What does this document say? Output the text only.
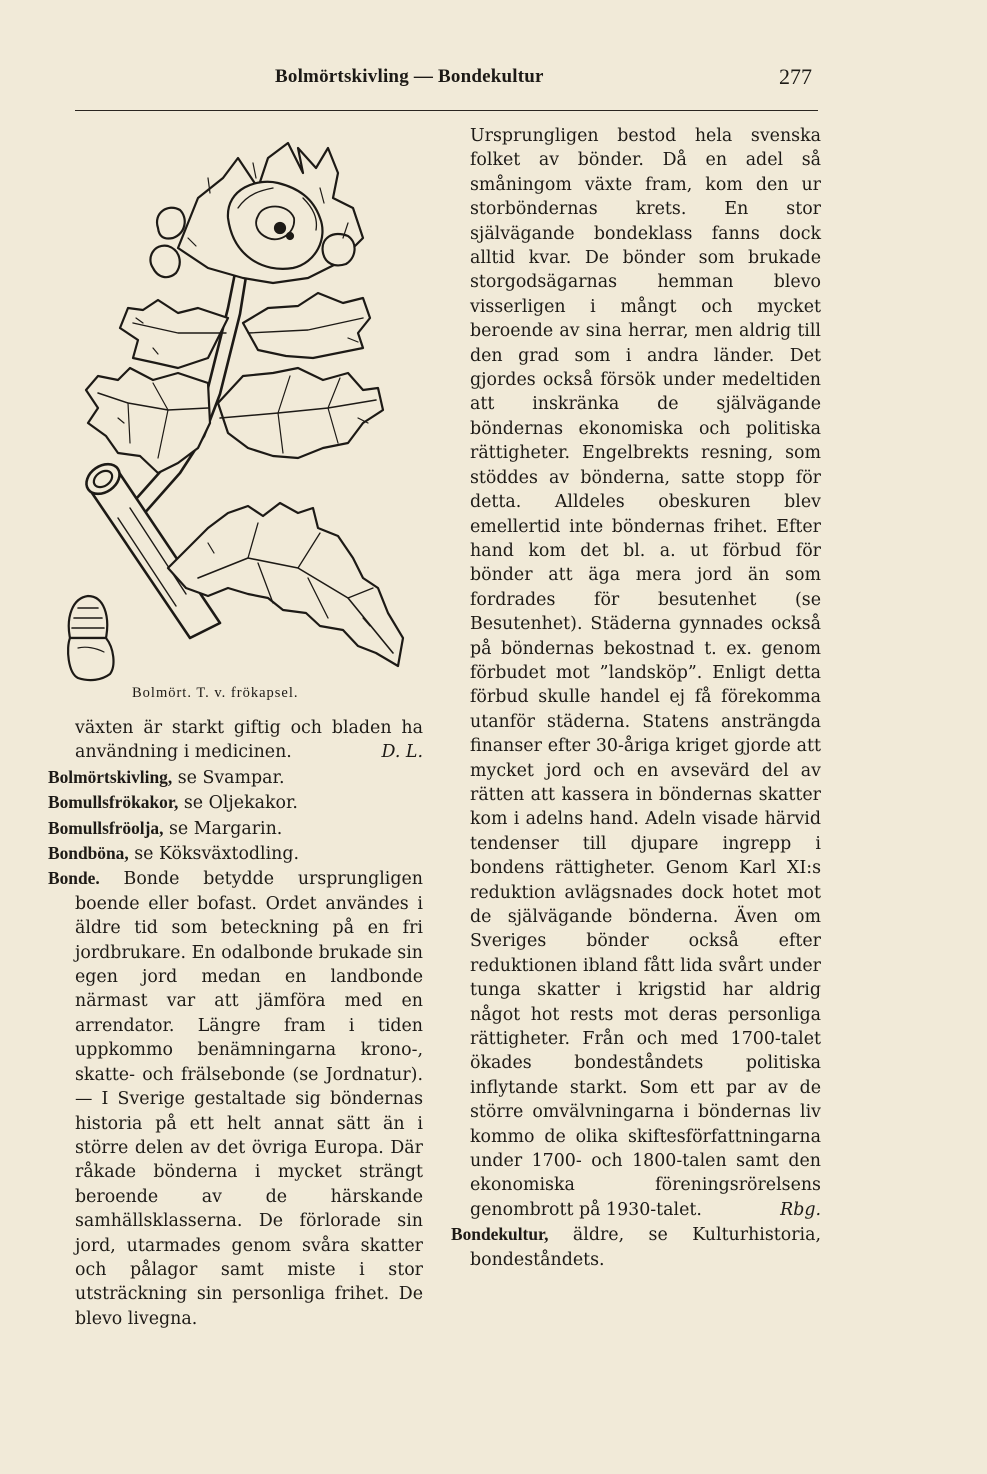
Bolmörtskivling — Bondekultur	277
Bolmört. T. v. frökapsel.

växten är starkt giftig och bladen ha användning i medicinen.	D. L.

Bolmörtskivling, se Svampar.

Bomullsfrökakor, se Oljekakor.

Bomullsfröolja, se Margarin.

Bondböna, se Köksväxtodling.

Bonde. Bonde betydde ursprungligen boende eller bofast. Ordet användes i äldre tid som beteckning på en fri jordbrukare. En odalbonde brukade sin egen jord medan en landbonde närmast var att jämföra med en arrendator. Längre fram i tiden uppkommo benämningarna krono-, skatte- och frälsebonde (se Jordnatur). — I Sverige gestaltade sig böndernas historia på ett helt annat sätt än i större delen av det övriga Europa. Där råkade bönderna i mycket strängt beroende av de härskande samhällsklasserna. De förlorade sin jord, utarmades genom svåra skatter och pålagor samt miste i stor utsträckning sin personliga frihet. De blevo livegna.

Ursprungligen bestod hela svenska folket av bönder. Då en adel så småningom växte fram, kom den ur storböndernas krets. En stor självägande bondeklass fanns dock alltid kvar. De bönder som brukade storgodsägarnas hemman blevo visserligen i mångt och mycket beroende av sina herrar, men aldrig till den grad som i andra länder. Det gjordes också försök under medeltiden att inskränka de självägande böndernas ekonomiska och politiska rättigheter. Engelbrekts resning, som stöddes av bönderna, satte stopp för detta. Alldeles obeskuren blev emellertid inte böndernas frihet. Efter hand kom det bl. a. ut förbud för bönder att äga mera jord än som fordrades för besutenhet (se Besutenhet). Städerna gynnades också på böndernas bekostnad t. ex. genom förbudet mot ”landsköp”. Enligt detta förbud skulle handel ej få förekomma utanför städerna. Statens ansträngda finanser efter 30-åriga kriget gjorde att mycket jord och en avsevärd del av rätten att kassera in böndernas skatter kom i adelns hand. Adeln visade härvid tendenser till djupare ingrepp i bondens rättigheter. Genom Karl XI:s reduktion avlägsnades dock hotet mot de självägande bönderna. Även om Sveriges bönder också efter reduktionen ibland fått lida svårt under tunga skatter i krigstid har aldrig något hot rests mot deras personliga rättigheter. Från och med 1700-talet ökades bondeståndets politiska inflytande starkt. Som ett par av de större omvälvningarna i böndernas liv kommo de olika skiftesförfattningarna under 1700- och 1800-talen samt den ekonomiska föreningsrörelsens genombrott på 1930-talet.	Rbg.

Bondekultur, äldre, se Kulturhistoria, bondeståndets.
